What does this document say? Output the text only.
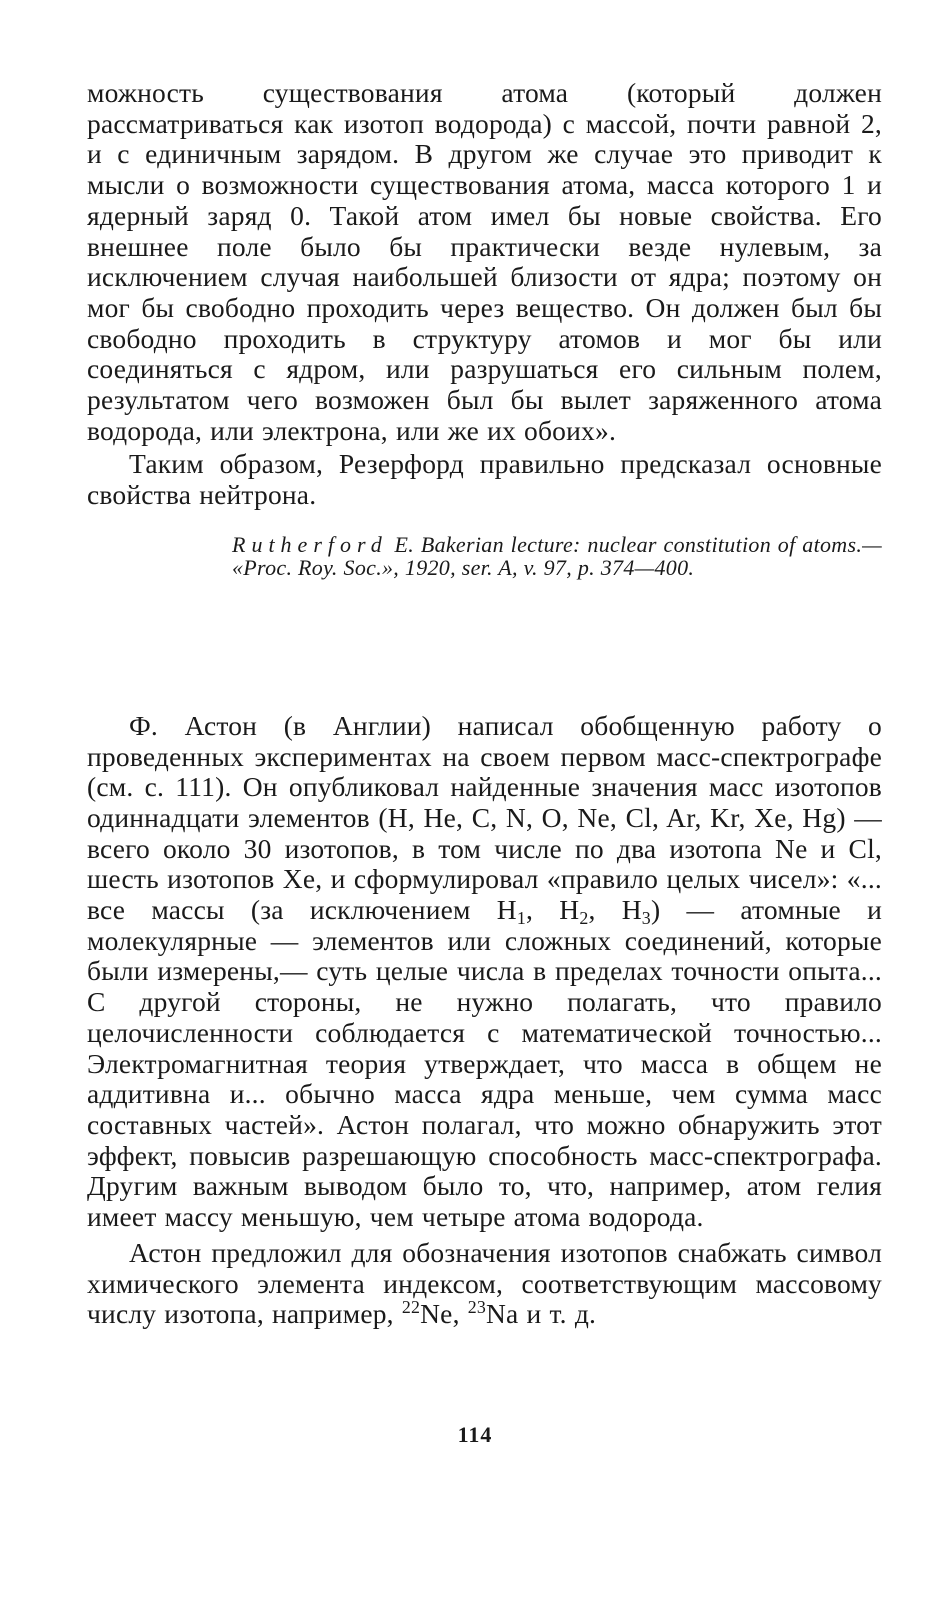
можность существования атома (который должен рассматриваться как изотоп водорода) с массой, почти равной 2, и с единичным зарядом. В другом же случае это приводит к мысли о возможности существования атома, масса которого 1 и ядерный заряд 0. Такой атом имел бы новые свойства. Его внешнее поле было бы практически везде нулевым, за исключением случая наибольшей близости от ядра; поэтому он мог бы свободно проходить через вещество. Он должен был бы свободно проходить в структуру атомов и мог бы или соединяться с ядром, или разрушаться его сильным полем, результатом чего возможен был бы вылет заряженного атома водорода, или электрона, или же их обоих».

Таким образом, Резерфорд правильно предсказал основные свойства нейтрона.

Rutherford E. Bakerian lecture: nuclear constitution of atoms.— «Proc. Roy. Soc.», 1920, ser. A, v. 97, p. 374—400.

Ф. Астон (в Англии) написал обобщенную работу о проведенных экспериментах на своем первом масс-спектрографе (см. с. 111). Он опубликовал найденные значения масс изотопов одиннадцати элементов (H, He, C, N, O, Ne, Cl, Ar, Kr, Xe, Hg) — всего около 30 изотопов, в том числе по два изотопа Ne и Cl, шесть изотопов Xe, и сформулировал «правило целых чисел»: «... все массы (за исключением $H_1$, $H_2$, $H_3$) — атомные и молекулярные — элементов или сложных соединений, которые были измерены,— суть целые числа в пределах точности опыта... С другой стороны, не нужно полагать, что правило целочисленности соблюдается с математической точностью... Электромагнитная теория утверждает, что масса в общем не аддитивна и... обычно масса ядра меньше, чем сумма масс составных частей». Астон полагал, что можно обнаружить этот эффект, повысив разрешающую способность масс-спектрографа. Другим важным выводом было то, что, например, атом гелия имеет массу меньшую, чем четыре атома водорода.

Астон предложил для обозначения изотопов снабжать символ химического элемента индексом, соответствующим массовому числу изотопа, например, $^{22}$Ne, $^{23}$Na и т. д.

114
